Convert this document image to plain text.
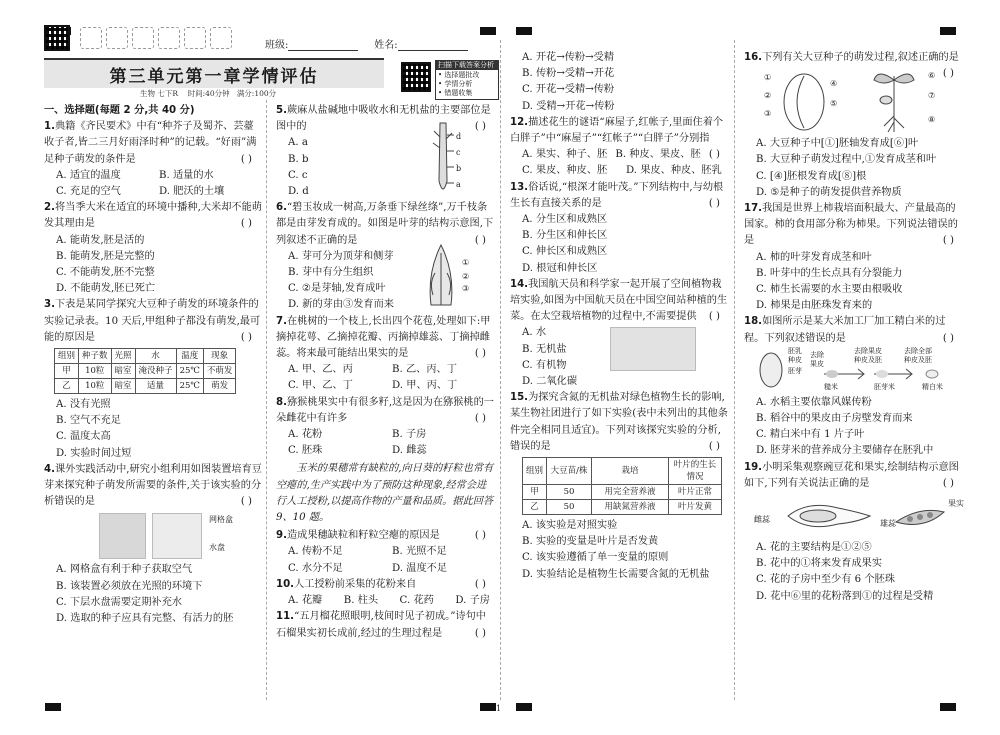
班级:	姓名:
第三单元第一章学情评估
生物 七下R 时间:40分钟 满分:100分
扫描下载答案分析
• 选择题批改
• 学情分析
• 错题收集
一、选择题(每题 2 分,共 40 分)
1.典籍《齐民要术》中有“种芥子及蜀芥、芸薹收子者,皆二三月好雨泽时种”的记载。“好雨”满足种子萌发的条件是	( )
A. 适宜的温度	B. 适量的水
C. 充足的空气	D. 肥沃的土壤
2.将当季大米在适宜的环境中播种,大米却不能萌发其理由是	( )
A. 能萌发,胚是活的
B. 能萌发,胚是完整的
C. 不能萌发,胚不完整
D. 不能萌发,胚已死亡
3.下表是某同学探究大豆种子萌发的环境条件的实验记录表。10 天后,甲组种子都没有萌发,最可能的原因是	( )
组别	种子数	光照	水	温度	现象
甲	10粒	暗室	淹没种子	25℃	不萌发
乙	10粒	暗室	适量	25℃	萌发
A. 没有光照
B. 空气不充足
C. 温度太高
D. 实验时间过短
4.课外实践活动中,研究小组利用如图装置培育豆芽来探究种子萌发所需要的条件,关于该实验的分析错误的是	( )
网格盒
水盘
A. 网格盒有利于种子获取空气
B. 该装置必须放在光照的环境下
C. 下层水盘需要定期补充水
D. 选取的种子应具有完整、有活力的胚
5.蕨麻从盐碱地中吸收水和无机盐的主要部位是图中的	( )
A. a
B. b
C. c
D. d
d
c
b
a
6.“碧玉妆成一树高,万条垂下绿丝绦”,万千枝条都是由芽发育成的。如图是叶芽的结构示意图,下列叙述不正确的是	( )
A. 芽可分为顶芽和侧芽
B. 芽中有分生组织
C. ②是芽轴,发育成叶
D. 新的芽由③发育而来
①
②
③
7.在桃树的一个枝上,长出四个花苞,处理如下:甲摘掉花萼、乙摘掉花瓣、丙摘掉雄蕊、丁摘掉雌蕊。将来最可能结出果实的是	( )
A. 甲、乙、丙	B. 乙、丙、丁
C. 甲、乙、丁	D. 甲、丙、丁
8.猕猴桃果实中有很多籽,这是因为在猕猴桃的一朵雌花中有许多	( )
A. 花粉	B. 子房
C. 胚珠	D. 雌蕊
玉米的果穗常有缺粒的,向日葵的籽粒也常有空瘪的,生产实践中为了预防这种现象,经常会进行人工授粉,以提高作物的产量和品质。据此回答 9、10 题。
9.造成果穗缺粒和籽粒空瘪的原因是	( )
A. 传粉不足	B. 光照不足
C. 水分不足	D. 温度不足
10.人工授粉前采集的花粉来自	( )
A. 花瓣 B. 柱头 C. 花药 D. 子房
11.“五月榴花照眼明,枝间时见子初成。”诗句中石榴果实初长成前,经过的生理过程是	( )
A. 开花→传粉→受精
B. 传粉→受精→开花
C. 开花→受精→传粉
D. 受精→开花→传粉
12.描述花生的谜语“麻屋子,红帐子,里面住着个白胖子”中“麻屋子”“红帐子”“白胖子”分别指
( )
A. 果实、种子、胚 B. 种皮、果皮、胚
C. 果皮、种皮、胚	D. 果皮、种皮、胚乳
13.俗话说,“根深才能叶茂。”下列结构中,与幼根生长有直接关系的是	( )
A. 分生区和成熟区
B. 分生区和伸长区
C. 伸长区和成熟区
D. 根冠和伸长区
14.我国航天员和科学家一起开展了空间植物栽培实验,如图为中国航天员在中国空间站种植的生菜。在太空栽培植物的过程中,不需要提供 ( )
A. 水
B. 无机盐
C. 有机物
D. 二氧化碳
15.为探究含氮的无机盐对绿色植物生长的影响,某生物社团进行了如下实验(表中未列出的其他条件完全相同且适宜)。下列对该探究实验的分析,错误的是	( )
组别	大豆苗/株	栽培	叶片的生长情况
甲	50	用完全营养液	叶片正常
乙	50	用缺氮营养液	叶片发黄
A. 该实验是对照实验
B. 实验的变量是叶片是否发黄
C. 该实验遵循了单一变量的原则
D. 实验结论是植物生长需要含氮的无机盐
16.下列有关大豆种子的萌发过程,叙述正确的是
( )
①
②
③
④
⑤
⑥
⑦
⑧
A. 大豆种子中[①]胚轴发育成[⑥]叶
B. 大豆种子萌发过程中,①发育成茎和叶
C. [④]胚根发育成[⑧]根
D. ⑤是种子的萌发提供营养物质
17.我国是世界上柿栽培面积最大、产量最高的国家。柿的食用部分称为柿果。下列说法错误的是	( )
A. 柿的叶芽发育成茎和叶
B. 叶芽中的生长点具有分裂能力
C. 柿生长需要的水主要由根吸收
D. 柿果是由胚珠发育来的
18.如图所示是某大米加工厂加工精白米的过程。下列叙述错误的是	( )
胚乳
种皮
去除
果皮
去除果皮
种皮及胚
去除全部
种皮及胚
胚芽
糙米	胚芽米	精白米
A. 水稻主要依靠风媒传粉
B. 稻谷中的果皮由子房壁发育而来
C. 精白米中有 1 片子叶
D. 胚芽米的营养成分主要储存在胚乳中
19.小明采集观察豌豆花和果实,绘制结构示意图如下,下列有关说法正确的是	( )
雌蕊	雄蕊
果实
A. 花的主要结构是①②⑤
B. 花中的①将来发育成果实
C. 花的子房中至少有 6 个胚珠
D. 花中⑥里的花粉落到①的过程是受精
1
